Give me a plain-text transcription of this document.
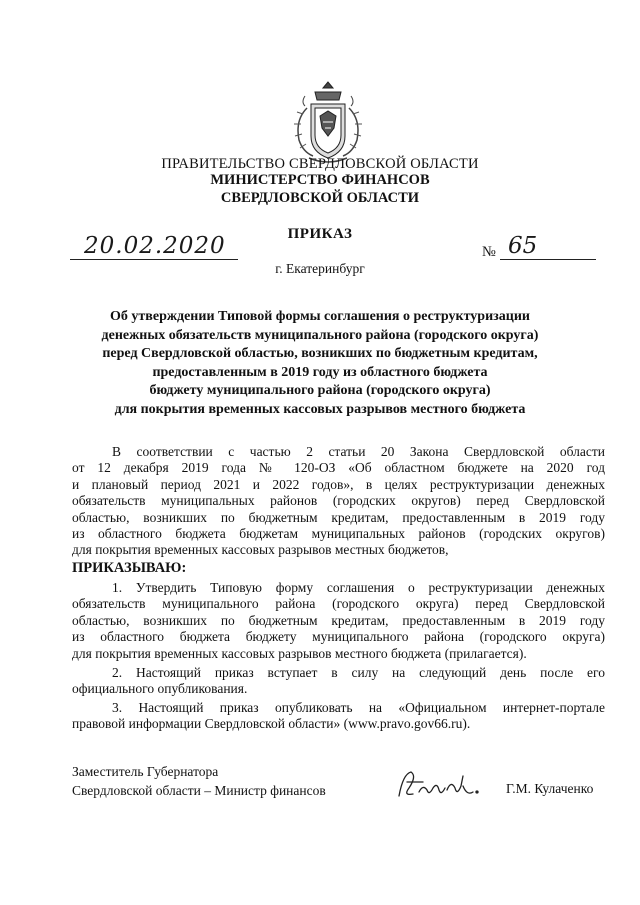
ПРАВИТЕЛЬСТВО СВЕРДЛОВСКОЙ ОБЛАСТИ
МИНИСТЕРСТВО ФИНАНСОВ
СВЕРДЛОВСКОЙ ОБЛАСТИ
ПРИКАЗ
20.02.2020	№ 65
г. Екатеринбург
Об утверждении Типовой формы соглашения о реструктуризации
денежных обязательств муниципального района (городского округа)
перед Свердловской областью, возникших по бюджетным кредитам,
предоставленным в 2019 году из областного бюджета
бюджету муниципального района (городского округа)
для покрытия временных кассовых разрывов местного бюджета
В соответствии с частью 2 статьи 20 Закона Свердловской области
от 12 декабря 2019 года № 120-ОЗ «Об областном бюджете на 2020 год
и плановый период 2021 и 2022 годов», в целях реструктуризации денежных
обязательств муниципальных районов (городских округов) перед Свердловской
областью, возникших по бюджетным кредитам, предоставленным в 2019 году
из областного бюджета бюджетам муниципальных районов (городских округов)
для покрытия временных кассовых разрывов местных бюджетов,
ПРИКАЗЫВАЮ:
1. Утвердить Типовую форму соглашения о реструктуризации денежных
обязательств муниципального района (городского округа) перед Свердловской
областью, возникших по бюджетным кредитам, предоставленным в 2019 году
из областного бюджета бюджету муниципального района (городского округа)
для покрытия временных кассовых разрывов местного бюджета (прилагается).
2. Настоящий приказ вступает в силу на следующий день после его
официального опубликования.
3. Настоящий приказ опубликовать на «Официальном интернет-портале
правовой информации Свердловской области» (www.pravo.gov66.ru).
Заместитель Губернатора
Свердловской области – Министр финансов	Г.М. Кулаченко
